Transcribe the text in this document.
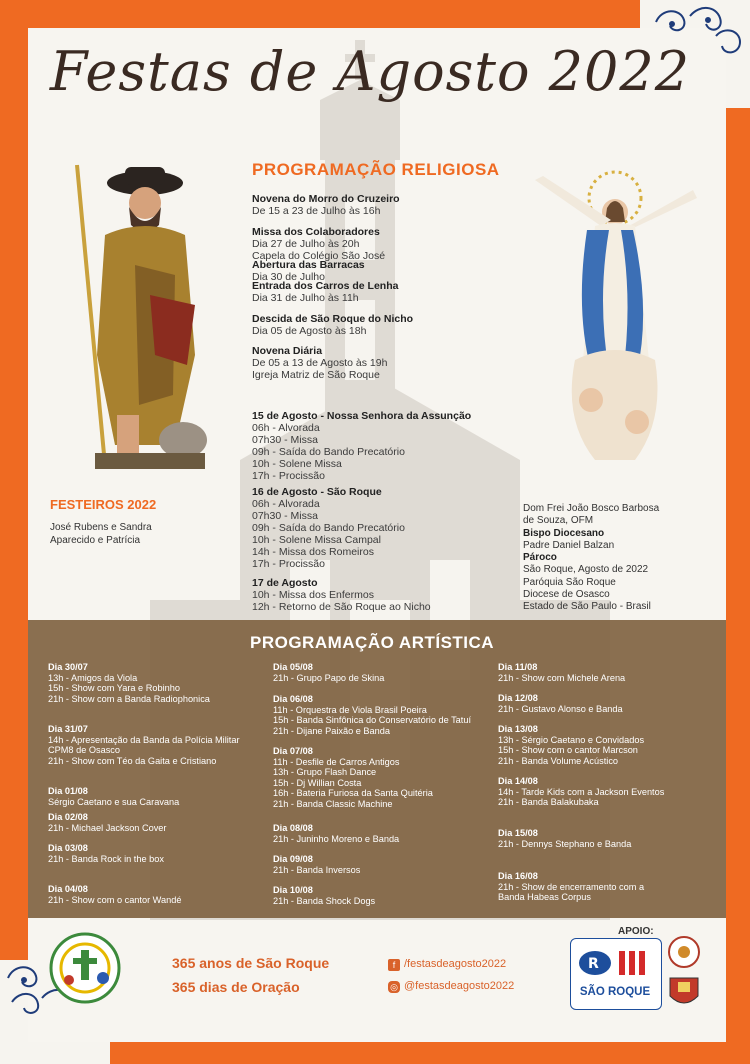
Festas de Agosto 2022
PROGRAMAÇÃO RELIGIOSA
Novena do Morro do Cruzeiro
De 15 a 23 de Julho às 16h
Missa dos Colaboradores
Dia 27 de Julho às 20h
Capela do Colégio São José
Abertura das Barracas
Dia 30 de Julho
Entrada dos Carros de Lenha
Dia 31 de Julho às 11h
Descida de São Roque do Nicho
Dia 05 de Agosto às 18h
Novena Diária
De 05 a 13 de Agosto às 19h
Igreja Matriz de São Roque
15 de Agosto - Nossa Senhora da Assunção
06h - Alvorada
07h30 - Missa
09h - Saída do Bando Precatório
10h - Solene Missa
17h - Procissão
16 de Agosto - São Roque
06h - Alvorada
07h30 - Missa
09h - Saída do Bando Precatório
10h - Solene Missa Campal
14h - Missa dos Romeiros
17h - Procissão
17 de Agosto
10h - Missa dos Enfermos
12h - Retorno de São Roque ao Nicho
FESTEIROS 2022
José Rubens e Sandra
Aparecido e Patrícia
Dom Frei João Bosco Barbosa
de Souza, OFM
Bispo Diocesano
Padre Daniel Balzan
Pároco
São Roque, Agosto de 2022
Paróquia São Roque
Diocese de Osasco
Estado de São Paulo - Brasil
PROGRAMAÇÃO ARTÍSTICA
Dia 30/07
13h - Amigos da Viola
15h - Show com Yara e Robinho
21h - Show com a Banda Radiophonica
Dia 31/07
14h - Apresentação da Banda da Polícia Militar
CPM8 de Osasco
21h - Show com Téo da Gaita e Cristiano
Dia 01/08
Sérgio Caetano e sua Caravana
Dia 02/08
21h - Michael Jackson Cover
Dia 03/08
21h - Banda Rock in the box
Dia 04/08
21h - Show com o cantor Wandé
Dia 05/08
21h - Grupo Papo de Skina
Dia 06/08
11h - Orquestra de Viola Brasil Poeira
15h - Banda Sinfônica do Conservatório de Tatuí
21h - Dijane Paixão e Banda
Dia 07/08
11h - Desfile de Carros Antigos
13h - Grupo Flash Dance
15h - Dj Willian Costa
16h - Bateria Furiosa da Santa Quitéria
21h - Banda Classic Machine
Dia 08/08
21h - Juninho Moreno e Banda
Dia 09/08
21h - Banda Inversos
Dia 10/08
21h - Banda Shock Dogs
Dia 11/08
21h - Show com Michele Arena
Dia 12/08
21h - Gustavo Alonso e Banda
Dia 13/08
13h - Sérgio Caetano e Convidados
15h - Show com o cantor Marcson
21h - Banda Volume Acústico
Dia 14/08
14h - Tarde Kids com a Jackson Eventos
21h - Banda Balakubaka
Dia 15/08
21h - Dennys Stephano e Banda
Dia 16/08
21h - Show de encerramento com a
Banda Habeas Corpus
365 anos de São Roque
365 dias de Oração
f /festasdeagosto2022
◎ @festasdeagosto2022
APOIO:
R
SÃO ROQUE
